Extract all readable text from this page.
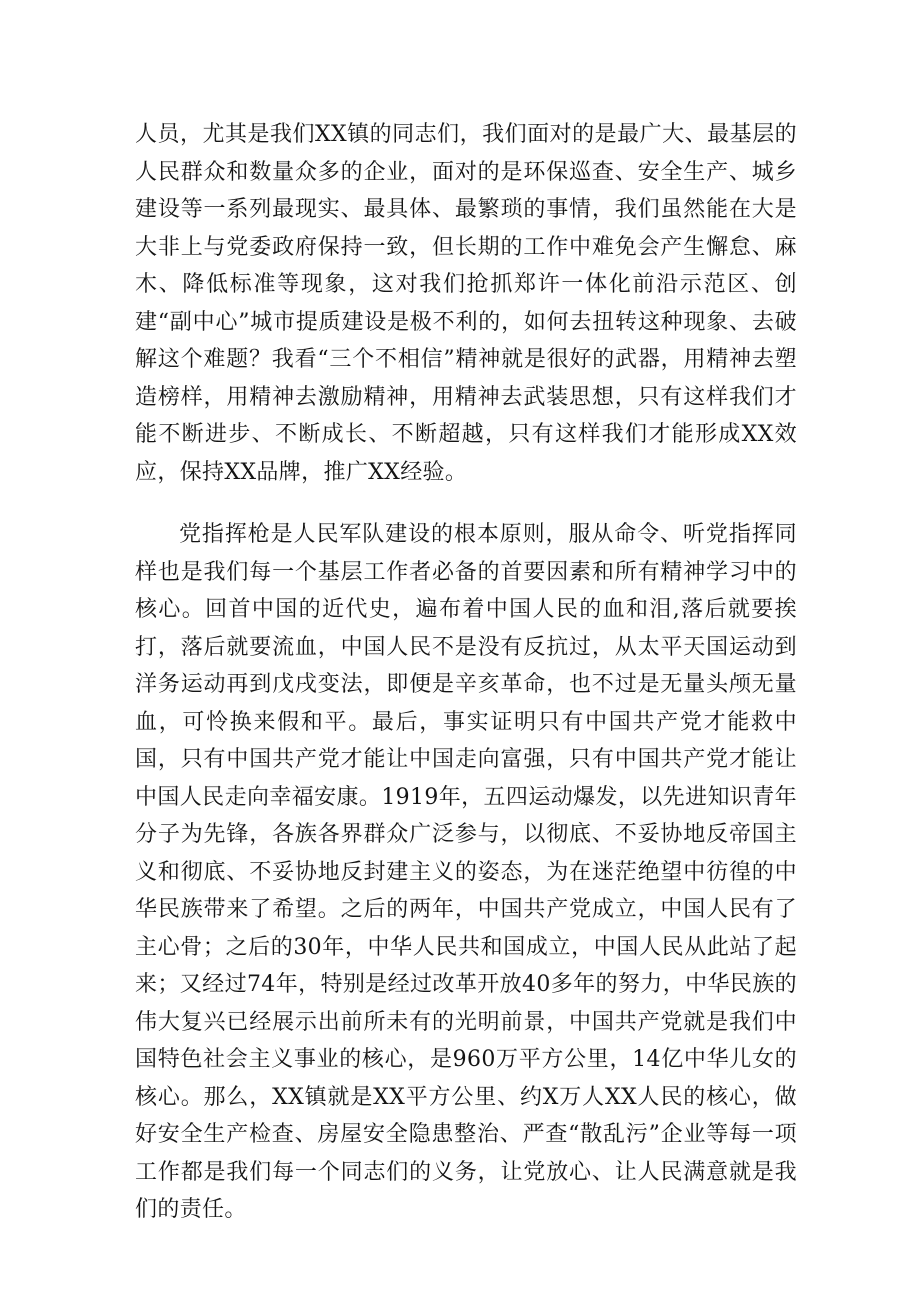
人员，尤其是我们XX镇的同志们，我们面对的是最广大、最基层的人民群众和数量众多的企业，面对的是环保巡查、安全生产、城乡建设等一系列最现实、最具体、最繁琐的事情，我们虽然能在大是大非上与党委政府保持一致，但长期的工作中难免会产生懈怠、麻木、降低标准等现象，这对我们抢抓郑许一体化前沿示范区、创建“副中心”城市提质建设是极不利的，如何去扭转这种现象、去破解这个难题？我看“三个不相信”精神就是很好的武器，用精神去塑造榜样，用精神去激励精神，用精神去武装思想，只有这样我们才能不断进步、不断成长、不断超越，只有这样我们才能形成XX效应，保持XX品牌，推广XX经验。

党指挥枪是人民军队建设的根本原则，服从命令、听党指挥同样也是我们每一个基层工作者必备的首要因素和所有精神学习中的核心。回首中国的近代史，遍布着中国人民的血和泪,落后就要挨打，落后就要流血，中国人民不是没有反抗过，从太平天国运动到洋务运动再到戊戌变法，即便是辛亥革命，也不过是无量头颅无量血，可怜换来假和平。最后，事实证明只有中国共产党才能救中国，只有中国共产党才能让中国走向富强，只有中国共产党才能让中国人民走向幸福安康。1919年，五四运动爆发，以先进知识青年分子为先锋，各族各界群众广泛参与，以彻底、不妥协地反帝国主义和彻底、不妥协地反封建主义的姿态，为在迷茫绝望中彷徨的中华民族带来了希望。之后的两年，中国共产党成立，中国人民有了主心骨；之后的30年，中华人民共和国成立，中国人民从此站了起来；又经过74年，特别是经过改革开放40多年的努力，中华民族的伟大复兴已经展示出前所未有的光明前景，中国共产党就是我们中国特色社会主义事业的核心，是960万平方公里，14亿中华儿女的核心。那么，XX镇就是XX平方公里、约X万人XX人民的核心，做好安全生产检查、房屋安全隐患整治、严查“散乱污”企业等每一项工作都是我们每一个同志们的义务，让党放心、让人民满意就是我们的责任。
